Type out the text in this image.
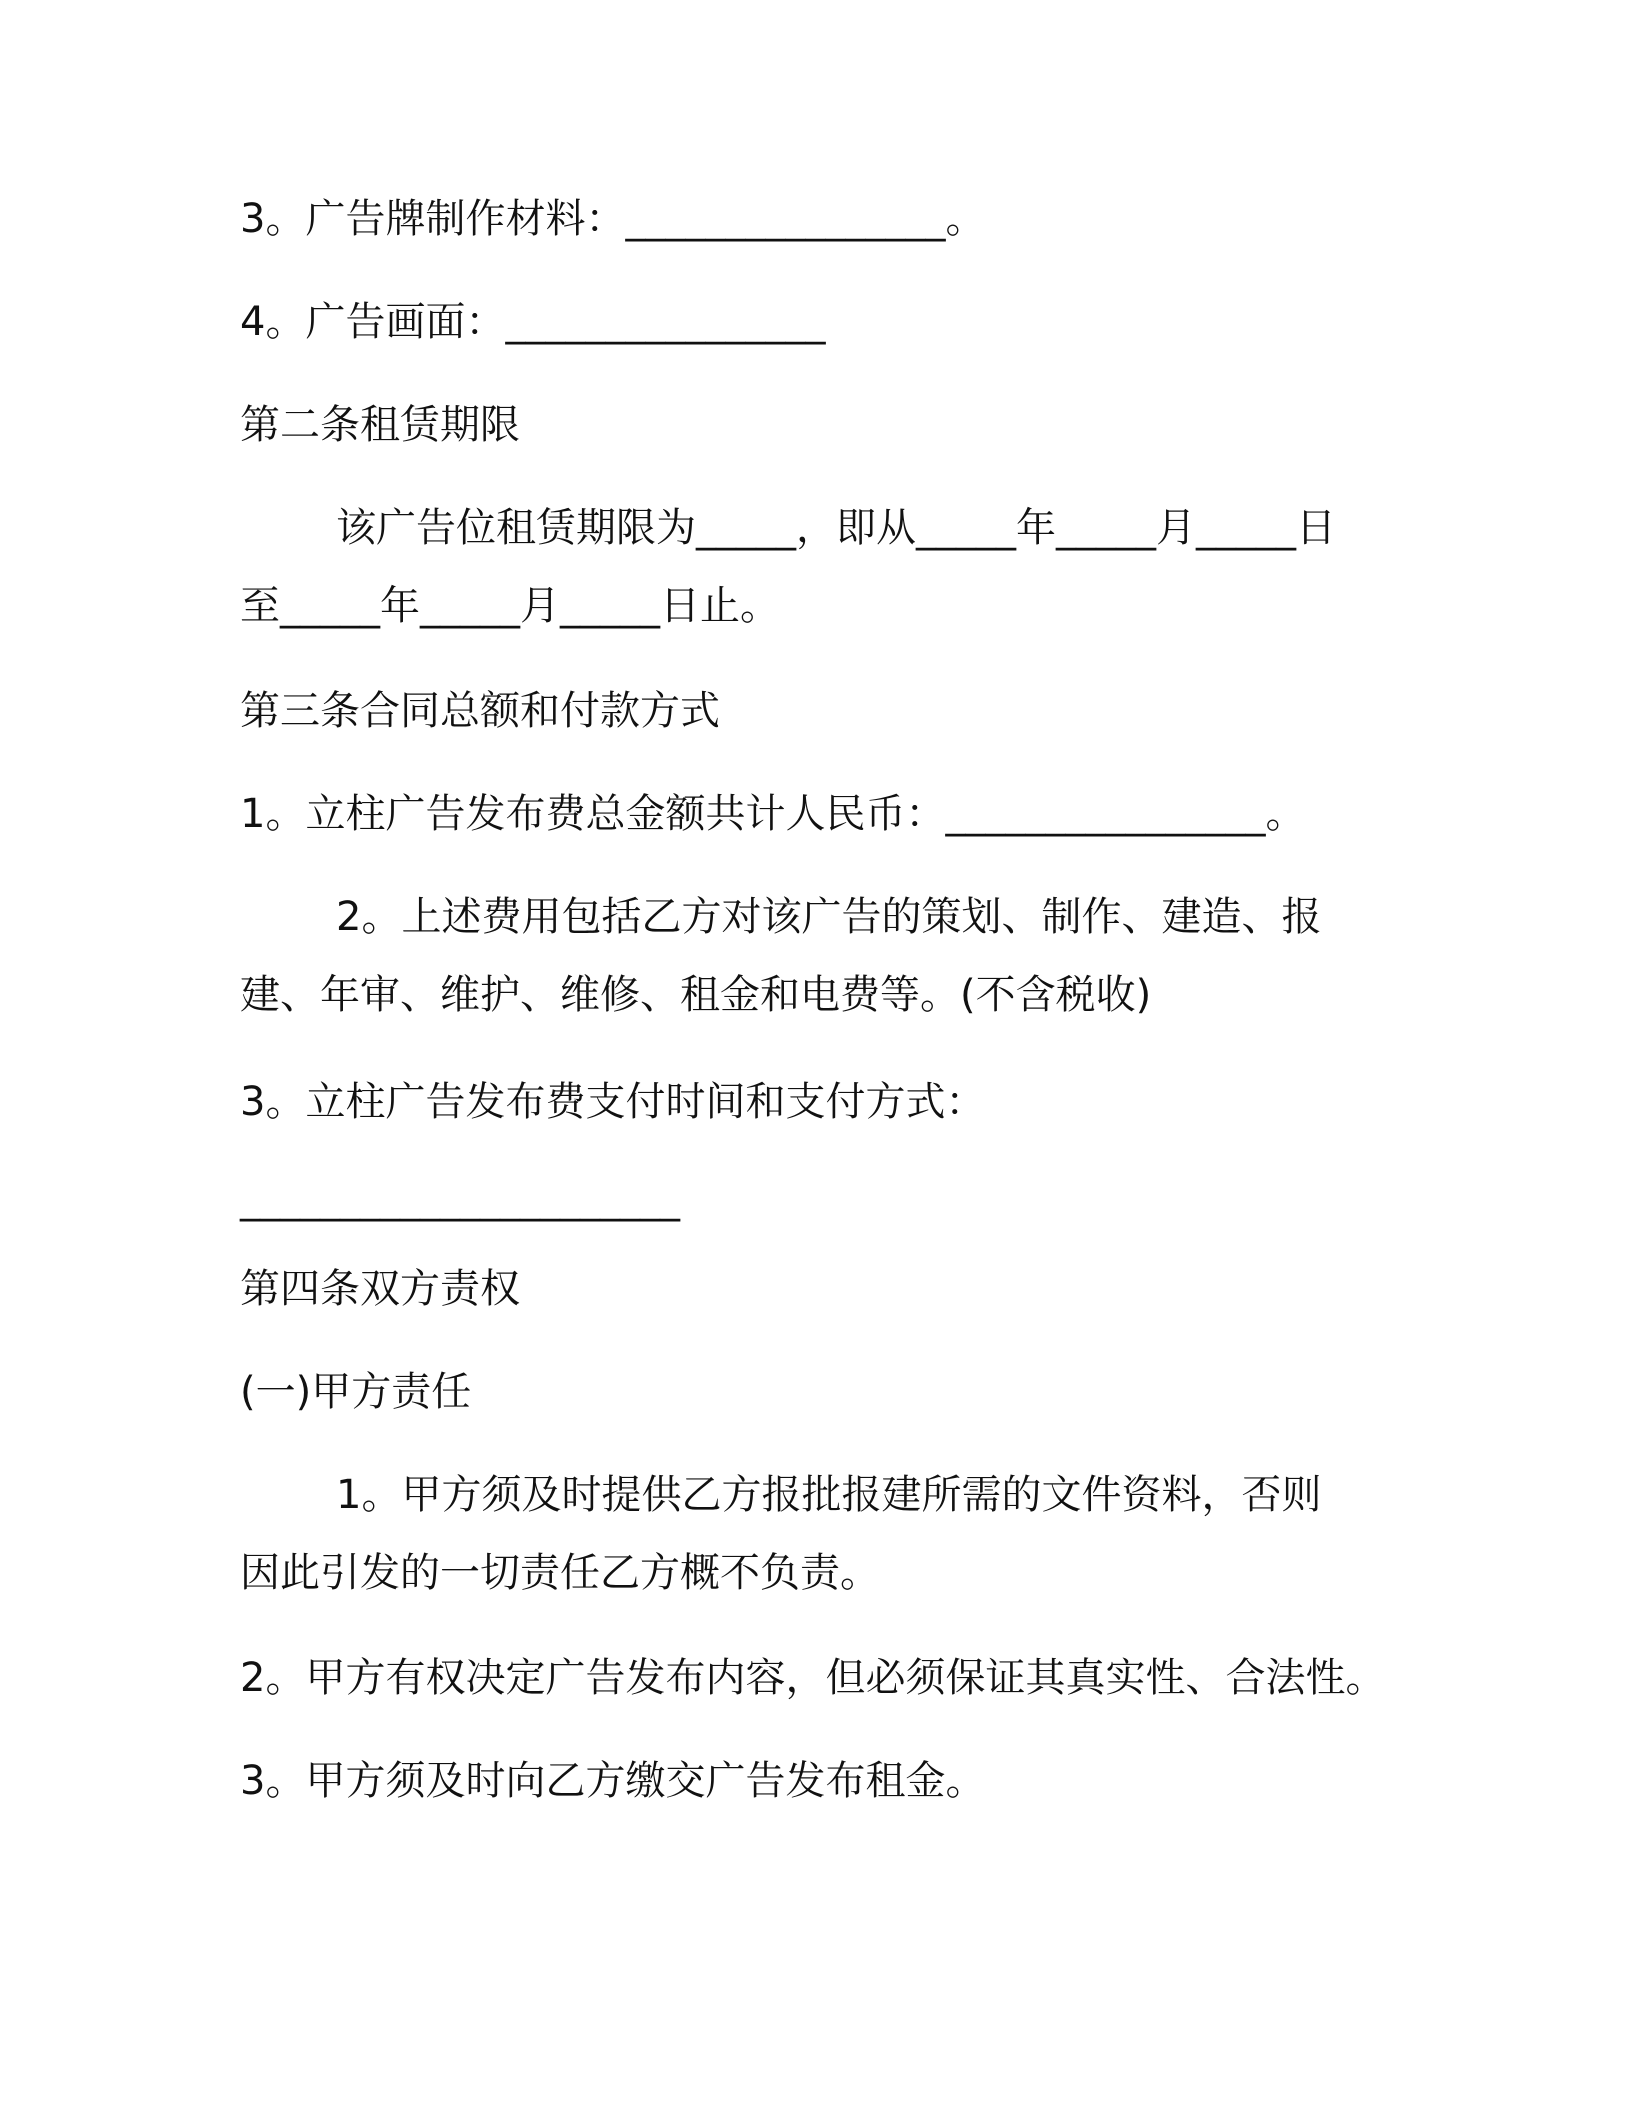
3。广告牌制作材料：________________。

4。广告画面：________________

第二条租赁期限

该广告位租赁期限为_____，即从_____年_____月_____日至_____年_____月_____日止。

第三条合同总额和付款方式

1。立柱广告发布费总金额共计人民币：________________。

2。上述费用包括乙方对该广告的策划、制作、建造、报建、年审、维护、维修、租金和电费等。(不含税收)

3。立柱广告发布费支付时间和支付方式：

______________________

第四条双方责权

(一)甲方责任

1。甲方须及时提供乙方报批报建所需的文件资料，否则因此引发的一切责任乙方概不负责。

2。甲方有权决定广告发布内容，但必须保证其真实性、合法性。

3。甲方须及时向乙方缴交广告发布租金。
